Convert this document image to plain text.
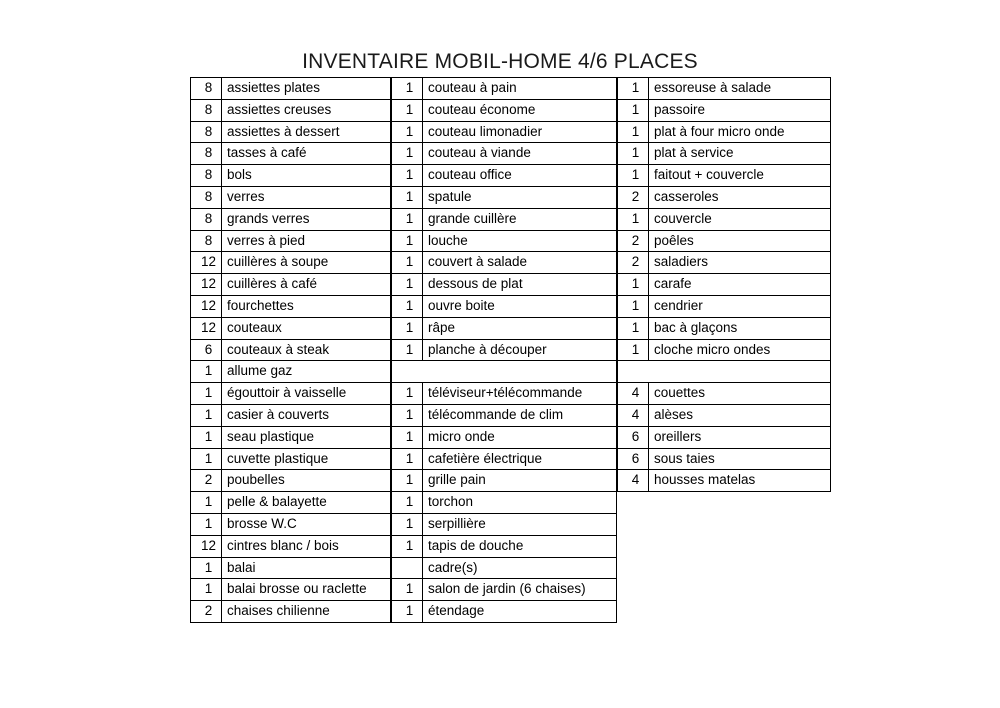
INVENTAIRE MOBIL-HOME 4/6 PLACES
8	assiettes plates
8	assiettes creuses
8	assiettes à dessert
8	tasses à café
8	bols
8	verres
8	grands verres
8	verres à pied
12	cuillères à soupe
12	cuillères à café
12	fourchettes
12	couteaux
6	couteaux à steak
1	allume gaz
1	égouttoir à vaisselle
1	casier à couverts
1	seau plastique
1	cuvette plastique
2	poubelles
1	pelle & balayette
1	brosse W.C
12	cintres blanc / bois
1	balai
1	balai brosse ou raclette
2	chaises chilienne
1	couteau à pain
1	couteau économe
1	couteau limonadier
1	couteau à viande
1	couteau office
1	spatule
1	grande cuillère
1	louche
1	couvert à salade
1	dessous de plat
1	ouvre boite
1	râpe
1	planche à découper

1	téléviseur+télécommande
1	télécommande de clim
1	micro onde
1	cafetière électrique
1	grille pain
1	torchon
1	serpillière
1	tapis de douche
	cadre(s)
1	salon de jardin (6 chaises)
1	étendage
1	essoreuse à salade
1	passoire
1	plat à four micro onde
1	plat à service
1	faitout + couvercle
2	casseroles
1	couvercle
2	poêles
2	saladiers
1	carafe
1	cendrier
1	bac à glaçons
1	cloche micro ondes

4	couettes
4	alèses
6	oreillers
6	sous taies
4	housses matelas
